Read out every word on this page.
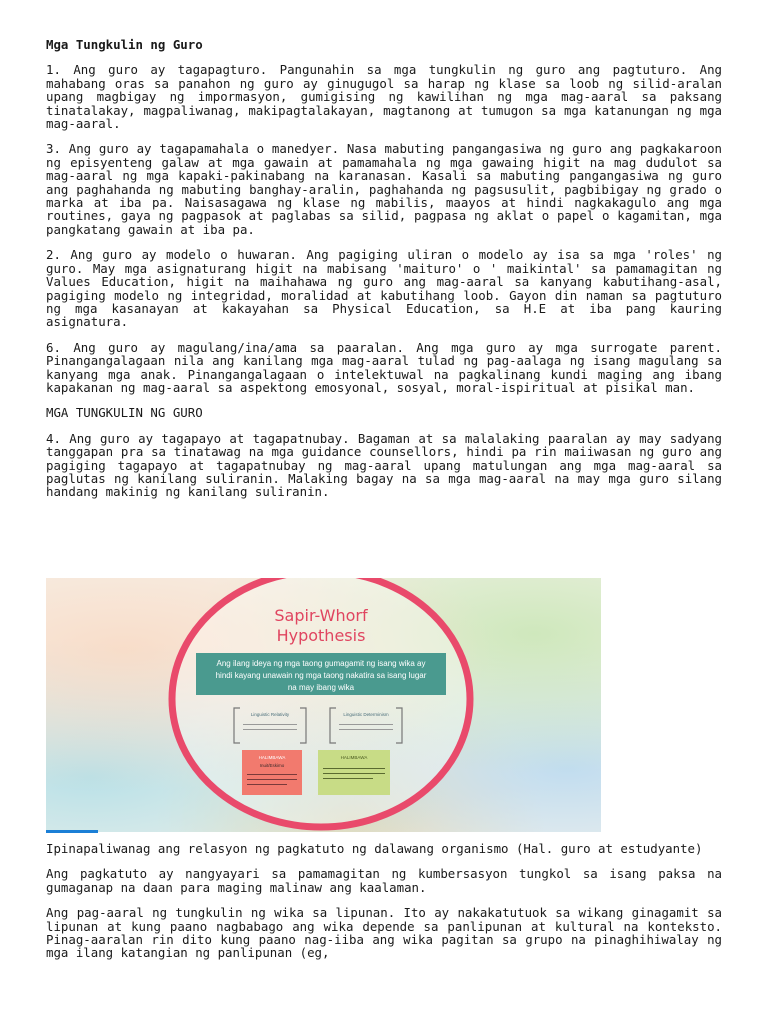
Mga Tungkulin ng Guro

1. Ang guro ay tagapagturo. Pangunahin sa mga tungkulin ng guro ang pagtuturo. Ang mahabang oras sa panahon ng guro ay ginugugol sa harap ng klase sa loob ng silid-aralan upang magbigay ng impormasyon, gumigising ng kawilihan ng mga mag-aaral sa paksang tinatalakay, magpaliwanag, makipagtalakayan, magtanong at tumugon sa mga katanungan ng mga mag-aaral.

3. Ang guro ay tagapamahala o manedyer. Nasa mabuting pangangasiwa ng guro ang pagkakaroon ng episyenteng galaw at mga gawain at pamamahala ng mga gawaing higit na mag dudulot sa mag-aaral ng mga kapaki-pakinabang na karanasan. Kasali sa mabuting pangangasiwa ng guro ang paghahanda ng mabuting banghay-aralin, paghahanda ng pagsusulit, pagbibigay ng grado o marka at iba pa. Naisasagawa ng klase ng mabilis, maayos at hindi nagkakagulo ang mga routines, gaya ng pagpasok at paglabas sa silid, pagpasa ng aklat o papel o kagamitan, mga pangkatang gawain at iba pa.

2. Ang guro ay modelo o huwaran. Ang pagiging uliran o modelo ay isa sa mga 'roles' ng guro. May mga asignaturang higit na mabisang 'maituro' o ' maikintal' sa pamamagitan ng Values Education, higit na maihahawa ng guro ang mag-aaral sa kanyang kabutihang-asal, pagiging modelo ng integridad, moralidad at kabutihang loob. Gayon din naman sa pagtuturo ng mga kasanayan at kakayahan sa Physical Education, sa H.E at iba pang kauring asignatura.

6. Ang guro ay magulang/ina/ama sa paaralan. Ang mga guro ay mga surrogate parent. Pinangangalagaan nila ang kanilang mga mag-aaral tulad ng pag-aalaga ng isang magulang sa kanyang mga anak. Pinangangalagaan o intelektuwal na pagkalinang kundi maging ang ibang kapakanan ng mag-aaral sa aspektong emosyonal, sosyal, moral-ispiritual at pisikal man.

MGA TUNGKULIN NG GURO

4. Ang guro ay tagapayo at tagapatnubay. Bagaman at sa malalaking paaralan ay may sadyang tanggapan pra sa tinatawag na mga guidance counsellors, hindi pa rin maiiwasan ng guro ang pagiging tagapayo at tagapatnubay ng mag-aaral upang matulungan ang mga mag-aaral sa paglutas ng kanilang suliranin. Malaking bagay na sa mga mag-aaral na may mga guro silang handang makinig ng kanilang suliranin.

Sapir-Whorf
Hypothesis
Ang ilang ideya ng mga taong gumagamit ng isang wika ay
hindi kayang unawain ng mga taong nakatira sa isang lugar
na may ibang wika
Linguistic Relativity	Linguistic Determinism
HALIMBAWA
Inuit/Eskimo
HALIMBAWA

Ipinapaliwanag ang relasyon ng pagkatuto ng dalawang organismo (Hal. guro at estudyante)

Ang pagkatuto ay nangyayari sa pamamagitan ng kumbersasyon tungkol sa isang paksa na gumaganap na daan para maging malinaw ang kaalaman.

Ang pag-aaral ng tungkulin ng wika sa lipunan. Ito ay nakakatutuok sa wikang ginagamit sa lipunan at kung paano nagbabago ang wika depende sa panlipunan at kultural na konteksto. Pinag-aaralan rin dito kung paano nag-iiba ang wika pagitan sa grupo na pinaghihiwalay ng mga ilang katangian ng panlipunan (eg,
